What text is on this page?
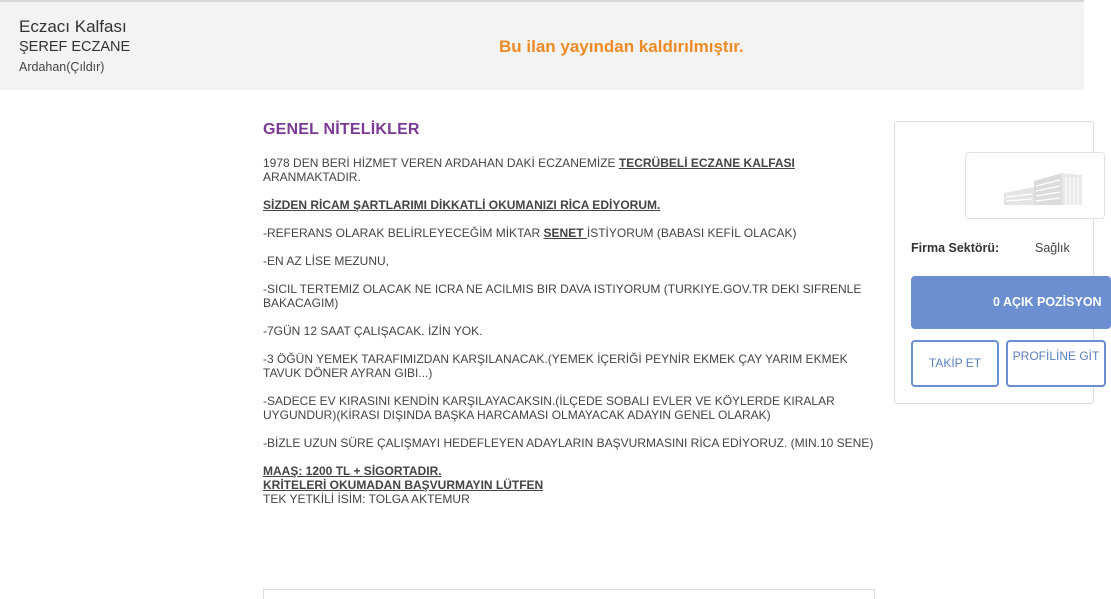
Eczacı Kalfası
ŞEREF ECZANE
Ardahan(Çıldır)
Bu ilan yayından kaldırılmıştır.
GENEL NİTELİKLER

1978 DEN BERİ HİZMET VEREN ARDAHAN DAKİ ECZANEMİZE TECRÜBELİ ECZANE KALFASI ARANMAKTADIR.

SİZDEN RİCAM ŞARTLARIMI DİKKATLİ OKUMANIZI RİCA EDİYORUM.

-REFERANS OLARAK BELİRLEYECEĞİM MİKTAR SENET İSTİYORUM (BABASI KEFİL OLACAK)

-EN AZ LİSE MEZUNU,

-SICIL TERTEMIZ OLACAK NE ICRA NE ACILMIS BIR DAVA ISTIYORUM (TURKIYE.GOV.TR DEKI SIFRENLE BAKACAGIM)

-7GÜN 12 SAAT ÇALIŞACAK. İZİN YOK.

-3 ÖĞÜN YEMEK TARAFIMIZDAN KARŞILANACAK.(YEMEK İÇERİĞİ PEYNİR EKMEK ÇAY YARIM EKMEK TAVUK DÖNER AYRAN GIBI...)

-SADECE EV KIRASINI KENDİN KARŞILAYACAKSIN.(İLÇEDE SOBALI EVLER VE KÖYLERDE KIRALAR UYGUNDUR)(KİRASI DIŞINDA BAŞKA HARCAMASI OLMAYACAK ADAYIN GENEL OLARAK)

-BİZLE UZUN SÜRE ÇALIŞMAYI HEDEFLEYEN ADAYLARIN BAŞVURMASINI RİCA EDİYORUZ. (MIN.10 SENE)

MAAŞ: 1200 TL + SİGORTADIR.
KRİTELERİ OKUMADAN BAŞVURMAYIN LÜTFEN
TEK YETKİLİ İSİM: TOLGA AKTEMUR
Firma Sektörü:	Sağlık
0 AÇIK POZİSYON
TAKİP ET	PROFİLİNE GİT
